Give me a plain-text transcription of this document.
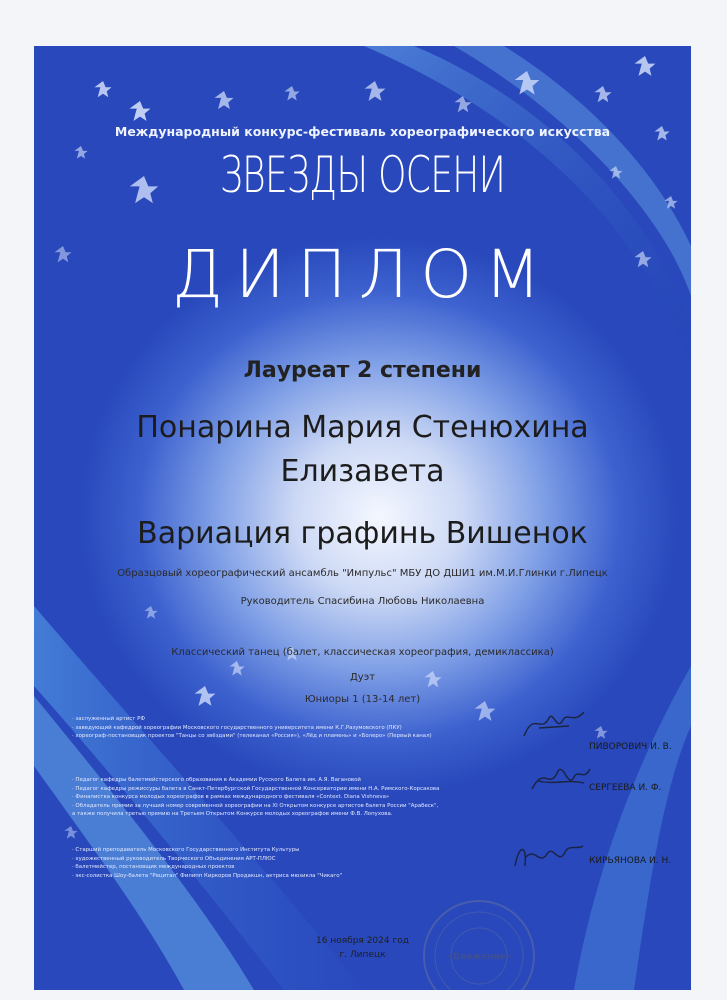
Международный конкурс-фестиваль хореографического искусства
ЗВЕЗДЫ ОСЕНИ
ДИПЛОМ
Лауреат 2 степени
Понарина Мария Стенюхина
Елизавета
Вариация графинь Вишенок
Образцовый хореографический ансамбль "Импульс" МБУ ДО ДШИ1 им.М.И.Глинки г.Липецк
Руководитель Спасибина Любовь Николаевна
Классический танец (балет, классическая хореография, демиклассика)
Дуэт
Юниоры 1 (13-14 лет)
· заслуженный артист РФ
· заведующий кафедрой хореографии Московского государственного университета имени К.Г.Разумовского (ПКУ)
· хореограф-постановщик проектов "Танцы со звёздами" (телеканал «Россия»), «Лёд и пламень» и «Болеро» (Первый канал)
· Педагог кафедры балетмейстерского образования в Академии Русского Балета им. А.Я. Вагановой
· Педагог кафедры режиссуры балета в Санкт-Петербургской Государственной Консерватории имени Н.А. Римского-Корсакова
· Финалистка конкурса молодых хореографов в рамках международного фестиваля «Context. Diana Vishneva»
· Обладатель премии за лучший номер современной хореографии на XI Открытом конкурсе артистов балета России "Арабеск",
а также получила третью премию на Третьем Открытом Конкурсе молодых хореографов имени Ф.В. Лопухова.
· Старший преподаватель Московского Государственного Института Культуры
· художественный руководитель Творческого Объединения АРТ-ПЛЮС
· балетмейстер, постановщик международных проектов
· экс-солистка Шоу-балета "Рецитал" Филипп Киркоров Продакшн, актриса мюзикла "Чикаго"
ПИВОРОВИЧ И. В.
СЕРГЕЕВА И. Ф.
КИРЬЯНОВА И. Н.
16 ноября 2024 год
г. Липецк	«Движение»
